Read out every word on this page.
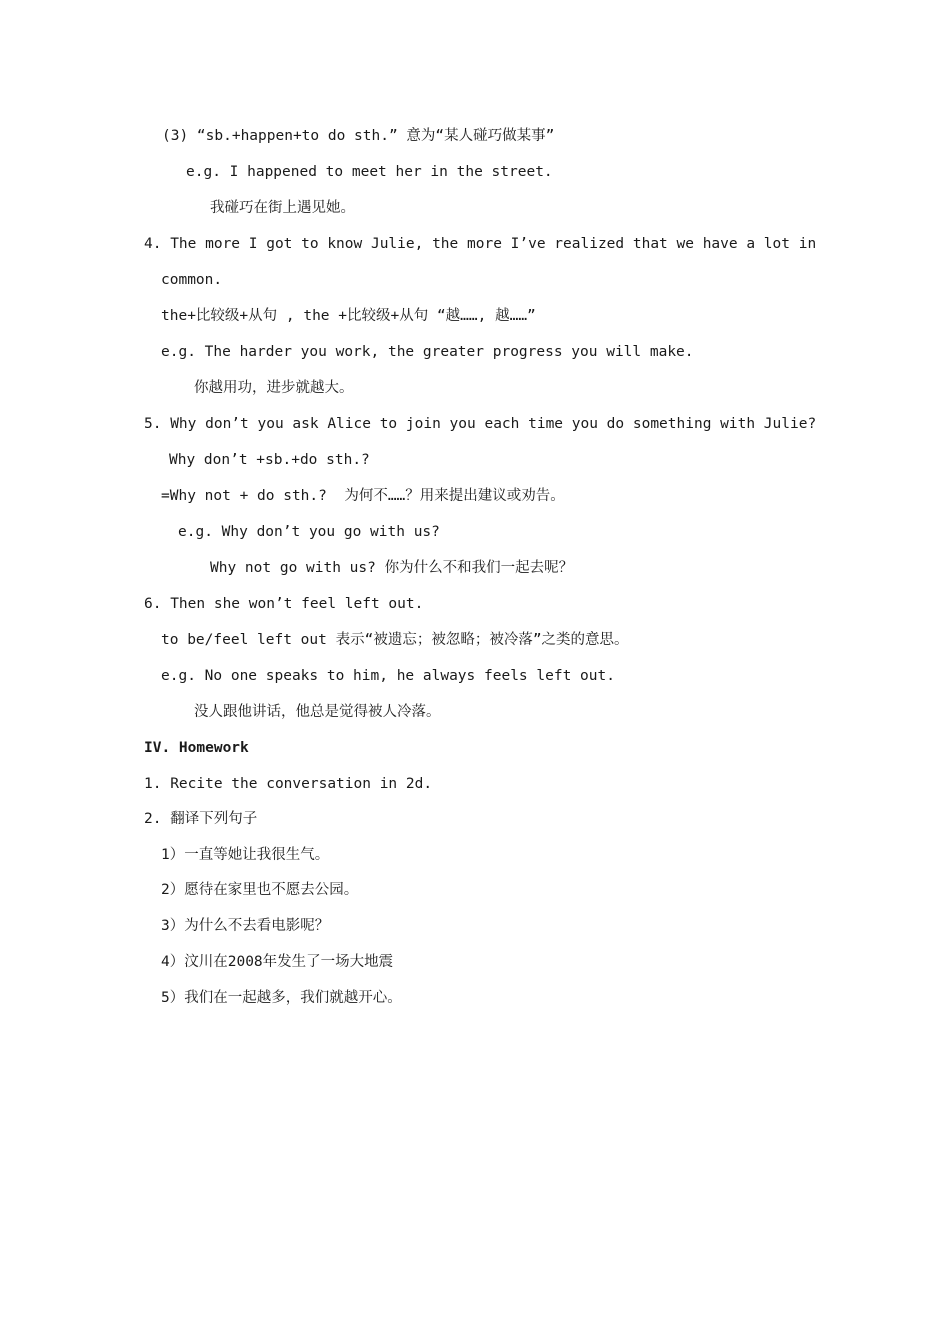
(3) “sb.+happen+to do sth.” 意为“某人碰巧做某事”
e.g. I happened to meet her in the street.
我碰巧在街上遇见她。
4. The more I got to know Julie, the more I’ve realized that we have a lot in
common.
the+比较级+从句 , the +比较级+从句 “越……, 越……”
e.g. The harder you work, the greater progress you will make.
你越用功，进步就越大。
5. Why don’t you ask Alice to join you each time you do something with Julie?
Why don’t +sb.+do sth.?
=Why not + do sth.?  为何不……？用来提出建议或劝告。
e.g. Why don’t you go with us?
Why not go with us? 你为什么不和我们一起去呢？
6. Then she won’t feel left out.
to be/feel left out 表示“被遗忘；被忽略；被冷落”之类的意思。
e.g. No one speaks to him, he always feels left out.
没人跟他讲话，他总是觉得被人冷落。
IV. Homework
1. Recite the conversation in 2d.
2. 翻译下列句子
1）一直等她让我很生气。
2）愿待在家里也不愿去公园。
3）为什么不去看电影呢？
4）汶川在2008年发生了一场大地震
5）我们在一起越多，我们就越开心。
